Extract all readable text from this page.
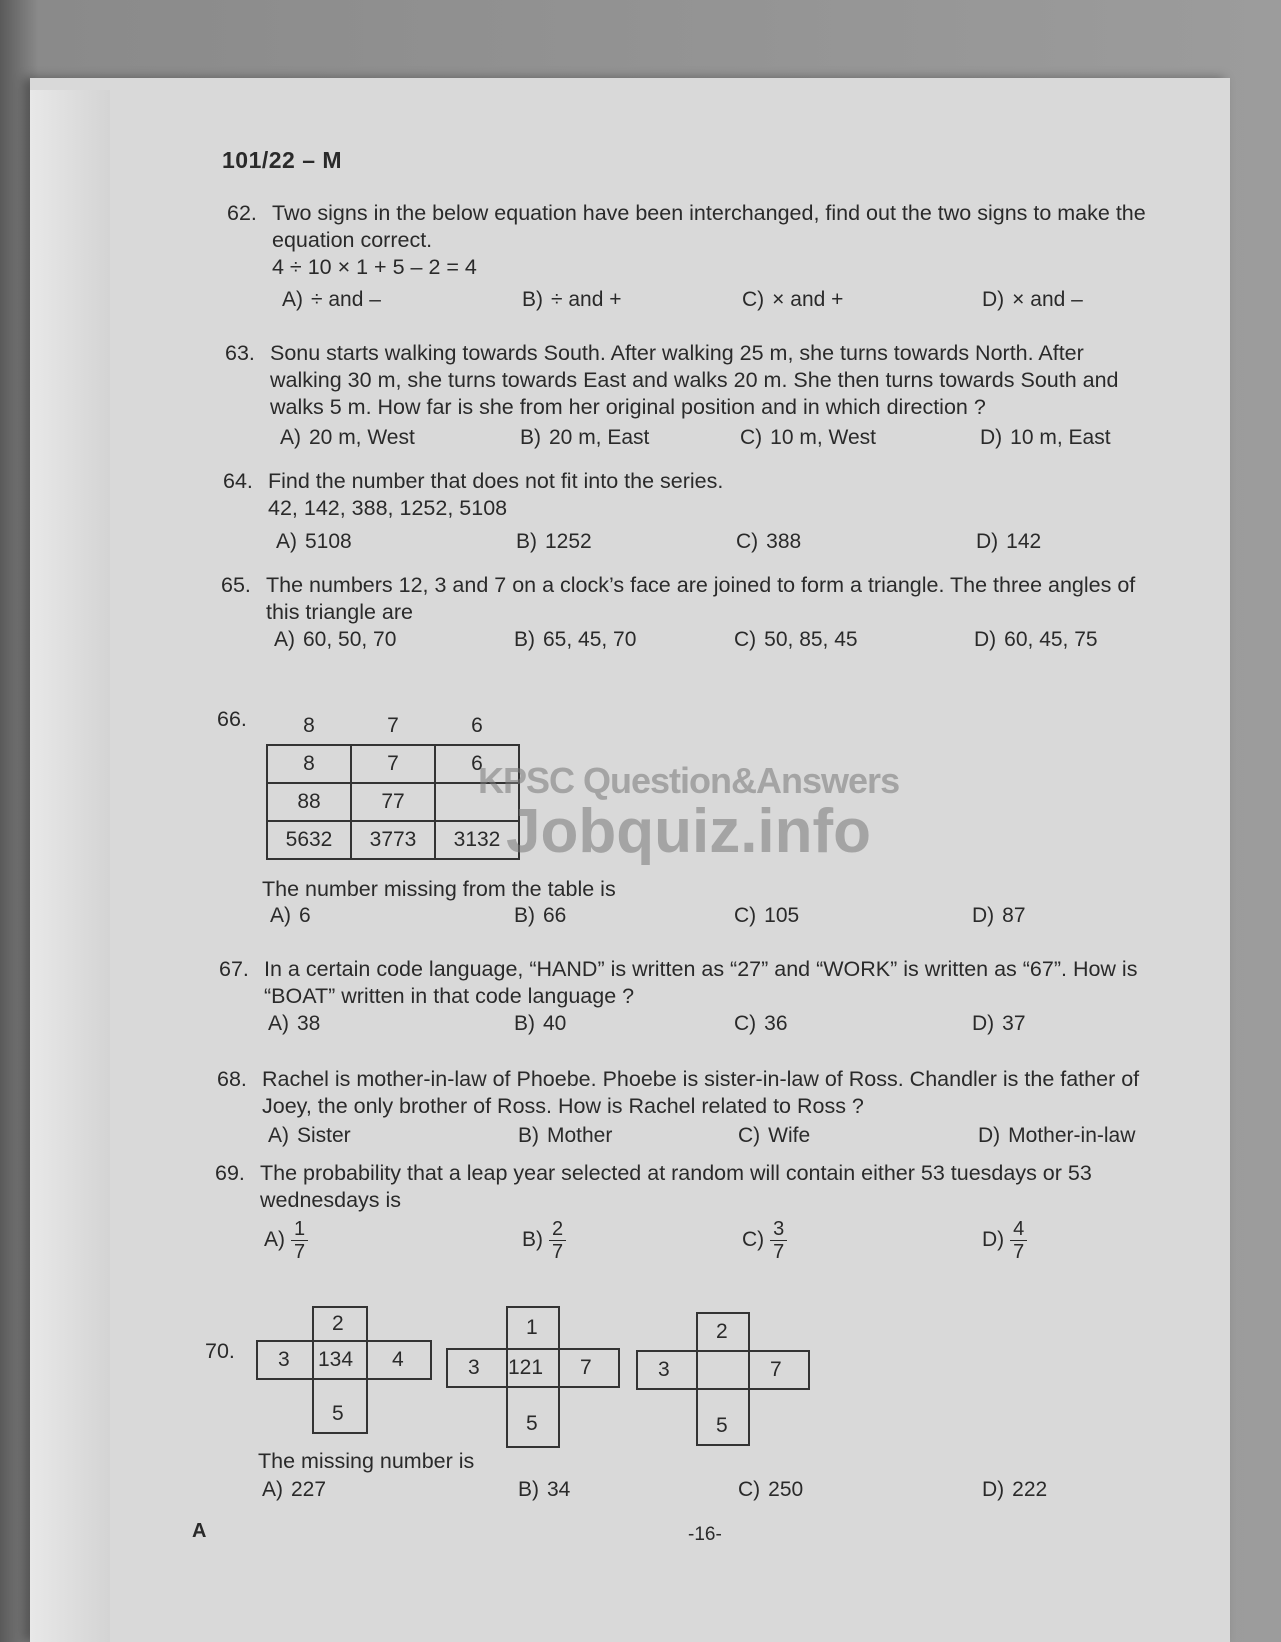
101/22 – M
62. Two signs in the below equation have been interchanged, find out the two signs to make the equation correct.
4 ÷ 10 × 1 + 5 – 2 = 4
A) ÷ and –	B) ÷ and +	C) × and +	D) × and –
63. Sonu starts walking towards South. After walking 25 m, she turns towards North. After walking 30 m, she turns towards East and walks 20 m. She then turns towards South and walks 5 m. How far is she from her original position and in which direction ?
A) 20 m, West	B) 20 m, East	C) 10 m, West	D) 10 m, East
64. Find the number that does not fit into the series.
42, 142, 388, 1252, 5108
A) 5108	B) 1252	C) 388	D) 142
65. The numbers 12, 3 and 7 on a clock’s face are joined to form a triangle. The three angles of this triangle are
A) 60, 50, 70	B) 65, 45, 70	C) 50, 85, 45	D) 60, 45, 75
66.	8	7	6
8	7	6
88	77	
5632	3773	3132
The number missing from the table is
A) 6	B) 66	C) 105	D) 87
67. In a certain code language, “HAND” is written as “27” and “WORK” is written as “67”. How is “BOAT” written in that code language ?
A) 38	B) 40	C) 36	D) 37
68. Rachel is mother-in-law of Phoebe. Phoebe is sister-in-law of Ross. Chandler is the father of Joey, the only brother of Ross. How is Rachel related to Ross ?
A) Sister	B) Mother	C) Wife	D) Mother-in-law
69. The probability that a leap year selected at random will contain either 53 tuesdays or 53 wednesdays is
$A) \frac{1}{7}$	$B) \frac{2}{7}$	$C) \frac{3}{7}$	$D) \frac{4}{7}$
70.
2
3 134 4
5
1
3 121 7
5
2
3	7
5
The missing number is
A) 227	B) 34	C) 250	D) 222
KPSC Question&Answers
Jobquiz.info
A	-16-
